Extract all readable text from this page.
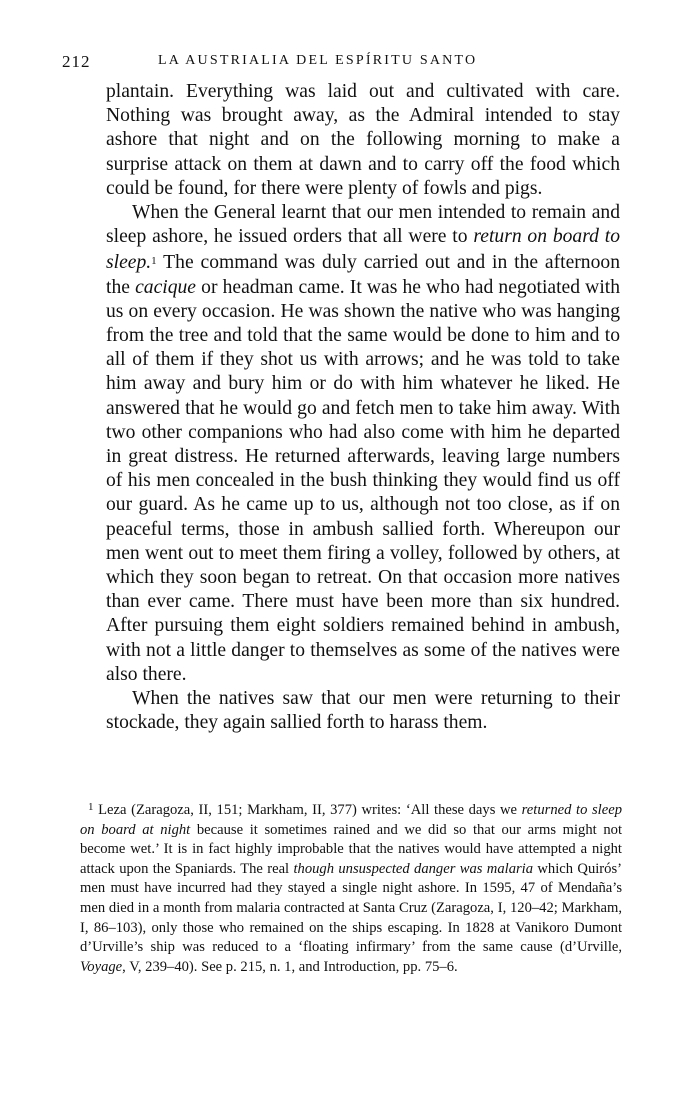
212	LA AUSTRIALIA DEL ESPÍRITU SANTO

plantain. Everything was laid out and cultivated with care. Nothing was brought away, as the Admiral intended to stay ashore that night and on the following morning to make a surprise attack on them at dawn and to carry off the food which could be found, for there were plenty of fowls and pigs.

When the General learnt that our men intended to remain and sleep ashore, he issued orders that all were to return on board to sleep.$^1$ The command was duly carried out and in the afternoon the cacique or headman came. It was he who had negotiated with us on every occasion. He was shown the native who was hanging from the tree and told that the same would be done to him and to all of them if they shot us with arrows; and he was told to take him away and bury him or do with him whatever he liked. He answered that he would go and fetch men to take him away. With two other companions who had also come with him he departed in great distress. He returned afterwards, leaving large numbers of his men concealed in the bush thinking they would find us off our guard. As he came up to us, although not too close, as if on peaceful terms, those in ambush sallied forth. Whereupon our men went out to meet them firing a volley, followed by others, at which they soon began to retreat. On that occasion more natives than ever came. There must have been more than six hundred. After pursuing them eight soldiers remained behind in ambush, with not a little danger to themselves as some of the natives were also there.

When the natives saw that our men were returning to their stockade, they again sallied forth to harass them.

$^1$ Leza (Zaragoza, II, 151; Markham, II, 377) writes: ‘All these days we returned to sleep on board at night because it sometimes rained and we did so that our arms might not become wet.’ It is in fact highly improbable that the natives would have attempted a night attack upon the Spaniards. The real though unsuspected danger was malaria which Quirós’ men must have incurred had they stayed a single night ashore. In 1595, 47 of Mendaña’s men died in a month from malaria contracted at Santa Cruz (Zaragoza, I, 120–42; Markham, I, 86–103), only those who remained on the ships escaping. In 1828 at Vanikoro Dumont d’Urville’s ship was reduced to a ‘floating infirmary’ from the same cause (d’Urville, Voyage, V, 239–40). See p. 215, n. 1, and Introduction, pp. 75–6.
